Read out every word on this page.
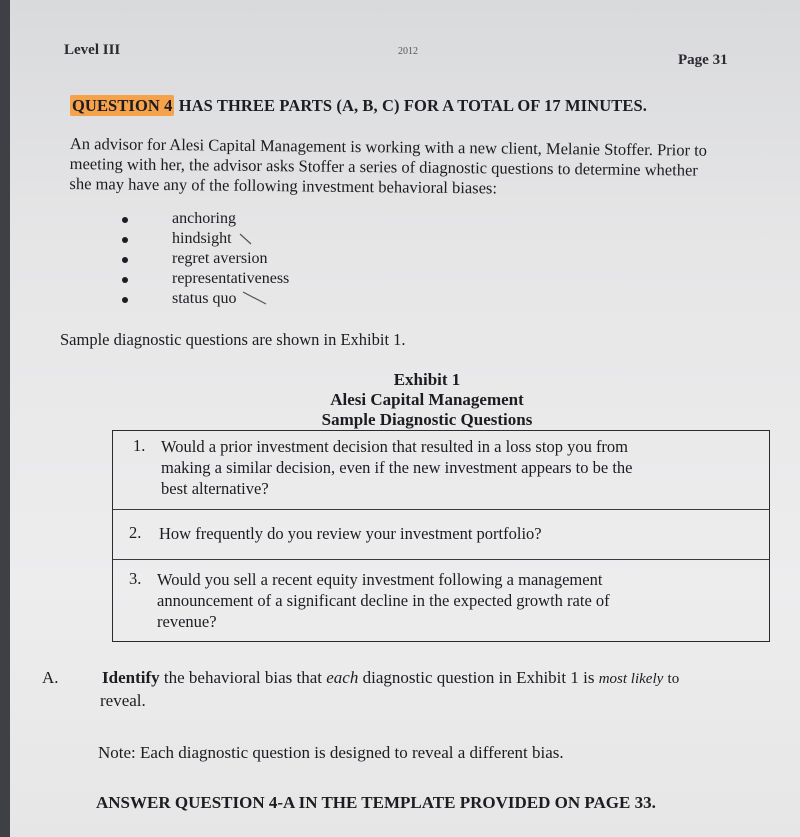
Level III	2012
Page 31
QUESTION 4 HAS THREE PARTS (A, B, C) FOR A TOTAL OF 17 MINUTES.
An advisor for Alesi Capital Management is working with a new client, Melanie Stoffer. Prior to
meeting with her, the advisor asks Stoffer a series of diagnostic questions to determine whether
she may have any of the following investment behavioral biases:
anchoring
hindsight
regret aversion
representativeness
status quo
Sample diagnostic questions are shown in Exhibit 1.
Exhibit 1
Alesi Capital Management
Sample Diagnostic Questions
1. Would a prior investment decision that resulted in a loss stop you from
making a similar decision, even if the new investment appears to be the
best alternative?
2. How frequently do you review your investment portfolio?
3. Would you sell a recent equity investment following a management
announcement of a significant decline in the expected growth rate of
revenue?
A.	Identify the behavioral bias that each diagnostic question in Exhibit 1 is most likely to
reveal.
Note: Each diagnostic question is designed to reveal a different bias.
ANSWER QUESTION 4-A IN THE TEMPLATE PROVIDED ON PAGE 33.
